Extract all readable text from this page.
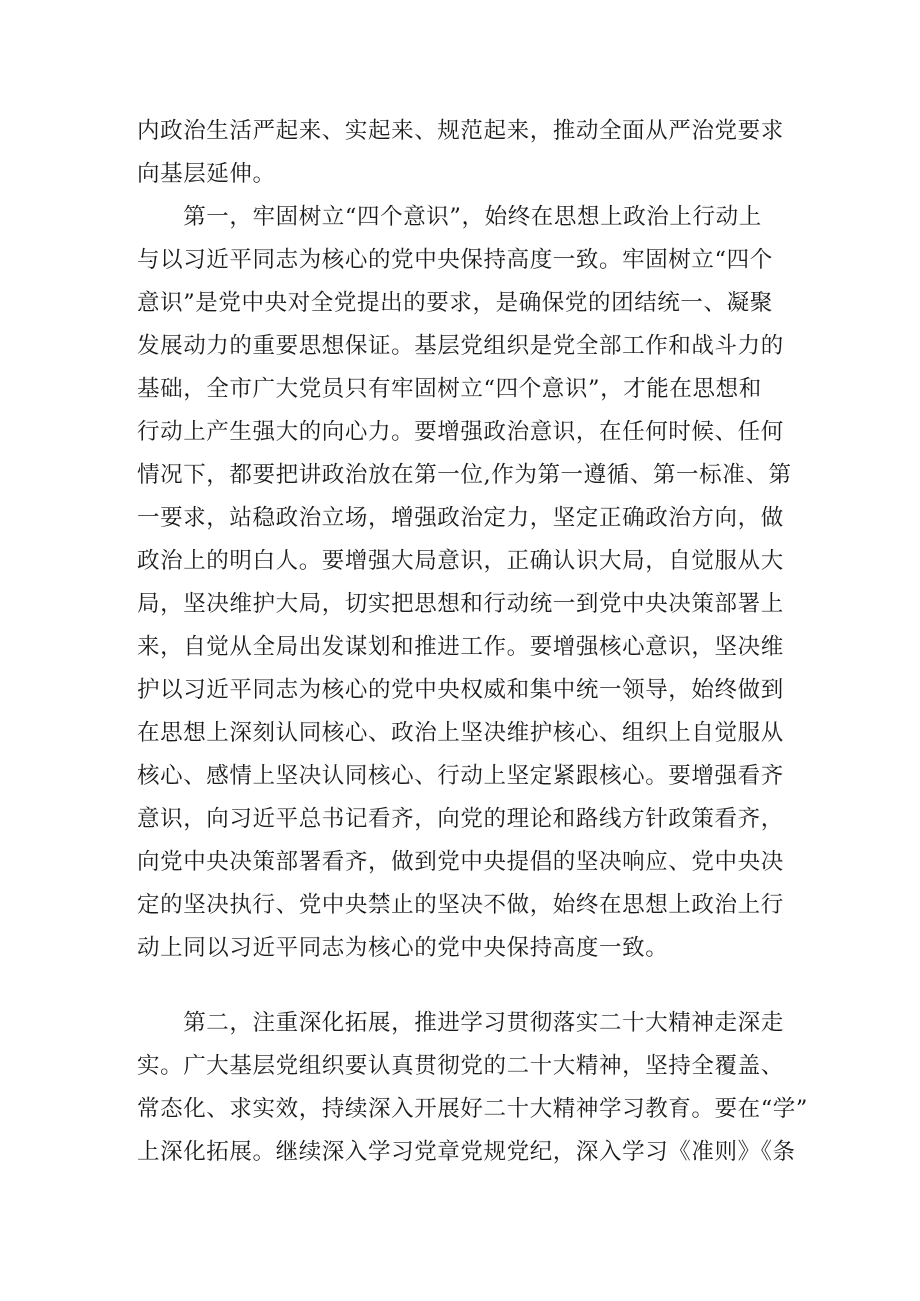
内政治生活严起来、实起来、规范起来，推动全面从严治党要求
向基层延伸。
　　第一，牢固树立“四个意识”，始终在思想上政治上行动上
与以习近平同志为核心的党中央保持高度一致。牢固树立“四个
意识”是党中央对全党提出的要求，是确保党的团结统一、凝聚
发展动力的重要思想保证。基层党组织是党全部工作和战斗力的
基础，全市广大党员只有牢固树立“四个意识”，才能在思想和
行动上产生强大的向心力。要增强政治意识，在任何时候、任何
情况下，都要把讲政治放在第一位,作为第一遵循、第一标准、第
一要求，站稳政治立场，增强政治定力，坚定正确政治方向，做
政治上的明白人。要增强大局意识，正确认识大局，自觉服从大
局，坚决维护大局，切实把思想和行动统一到党中央决策部署上
来，自觉从全局出发谋划和推进工作。要增强核心意识，坚决维
护以习近平同志为核心的党中央权威和集中统一领导，始终做到
在思想上深刻认同核心、政治上坚决维护核心、组织上自觉服从
核心、感情上坚决认同核心、行动上坚定紧跟核心。要增强看齐
意识，向习近平总书记看齐，向党的理论和路线方针政策看齐，
向党中央决策部署看齐，做到党中央提倡的坚决响应、党中央决
定的坚决执行、党中央禁止的坚决不做，始终在思想上政治上行
动上同以习近平同志为核心的党中央保持高度一致。
　　第二，注重深化拓展，推进学习贯彻落实二十大精神走深走
实。广大基层党组织要认真贯彻党的二十大精神，坚持全覆盖、
常态化、求实效，持续深入开展好二十大精神学习教育。要在“学”
上深化拓展。继续深入学习党章党规党纪，深入学习《准则》《条
